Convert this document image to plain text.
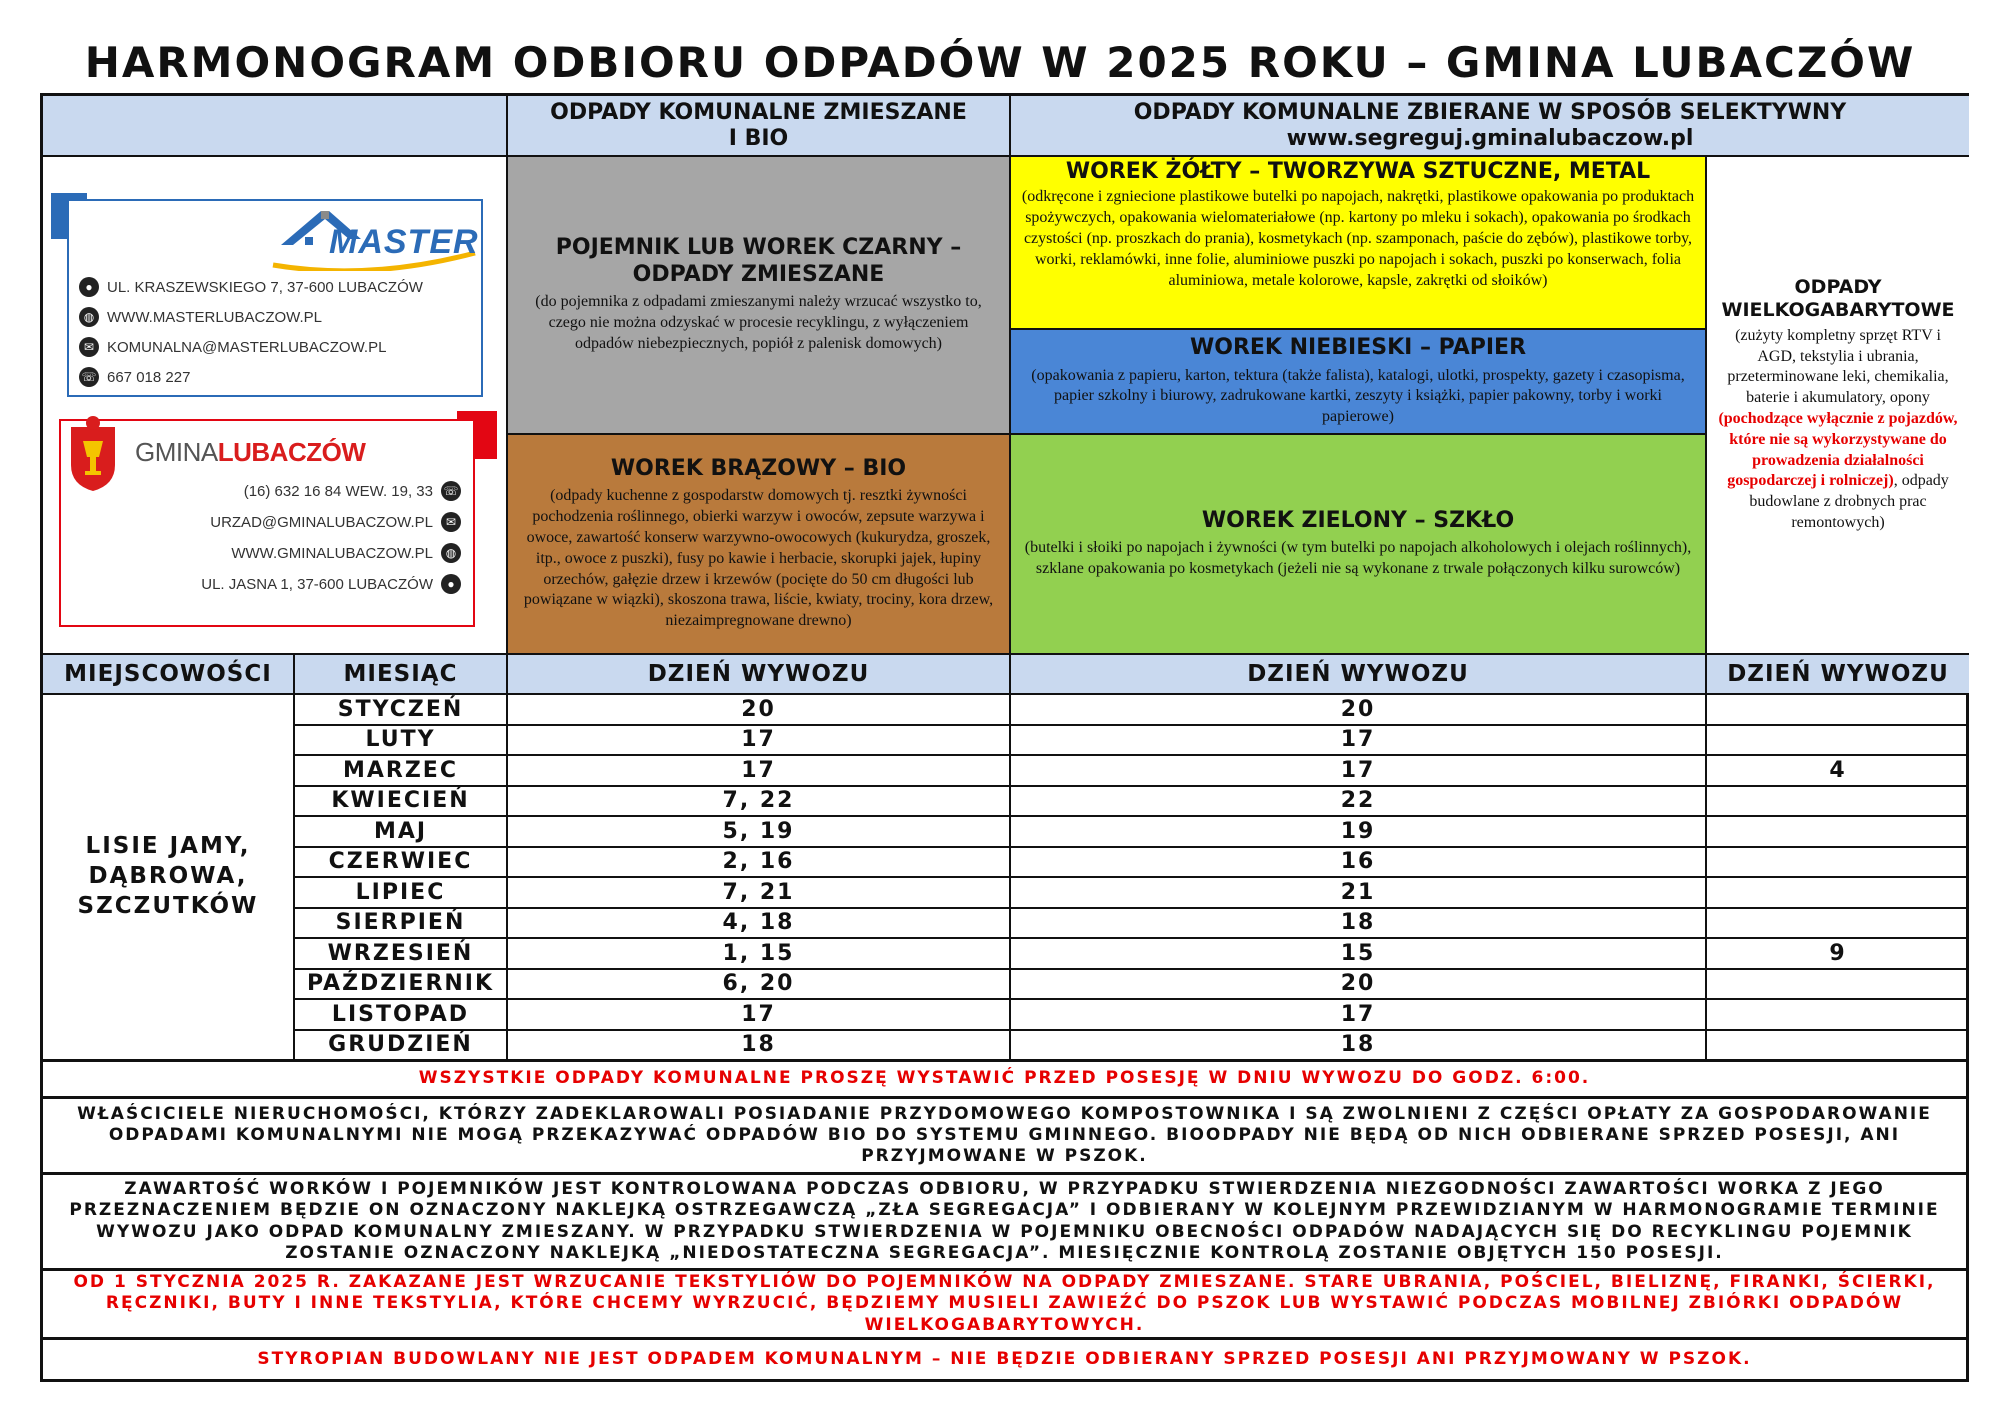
HARMONOGRAM ODBIORU ODPADÓW W 2025 ROKU – GMINA LUBACZÓW
ODPADY KOMUNALNE ZMIESZANE
I BIO
ODPADY KOMUNALNE ZBIERANE W SPOSÓB SELEKTYWNY
www.segreguj.gminalubaczow.pl
MASTER
● UL. KRASZEWSKIEGO 7, 37-600 LUBACZÓW
◍ WWW.MASTERLUBACZOW.PL
✉ KOMUNALNA@MASTERLUBACZOW.PL
☏ 667 018 227
GMINALUBACZÓW
(16) 632 16 84 WEW. 19, 33 ☏
URZAD@GMINALUBACZOW.PL	✉
WWW.GMINALUBACZOW.PL	◍
UL. JASNA 1, 37-600 LUBACZÓW	●
POJEMNIK LUB WOREK CZARNY – ODPADY ZMIESZANE
(do pojemnika z odpadami zmieszanymi należy wrzucać wszystko to, czego nie można odzyskać w procesie recyklingu, z wyłączeniem odpadów niebezpiecznych, popiół z palenisk domowych)
WOREK BRĄZOWY – BIO
(odpady kuchenne z gospodarstw domowych tj. resztki żywności pochodzenia roślinnego, obierki warzyw i owoców, zepsute warzywa i owoce, zawartość konserw warzywno-owocowych (kukurydza, groszek, itp., owoce z puszki), fusy po kawie i herbacie, skorupki jajek, łupiny orzechów, gałęzie drzew i krzewów (pocięte do 50 cm długości lub powiązane w wiązki), skoszona trawa, liście, kwiaty, trociny, kora drzew, niezaimpregnowane drewno)
WOREK ŻÓŁTY – TWORZYWA SZTUCZNE, METAL
(odkręcone i zgniecione plastikowe butelki po napojach, nakrętki, plastikowe opakowania po produktach spożywczych, opakowania wielomateriałowe (np. kartony po mleku i sokach), opakowania po środkach czystości (np. proszkach do prania), kosmetykach (np. szamponach, paście do zębów), plastikowe torby, worki, reklamówki, inne folie, aluminiowe puszki po napojach i sokach, puszki po konserwach, folia aluminiowa, metale kolorowe, kapsle, zakrętki od słoików)
WOREK NIEBIESKI – PAPIER
(opakowania z papieru, karton, tektura (także falista), katalogi, ulotki, prospekty, gazety i czasopisma, papier szkolny i biurowy, zadrukowane kartki, zeszyty i książki, papier pakowny, torby i worki papierowe)
WOREK ZIELONY – SZKŁO
(butelki i słoiki po napojach i żywności (w tym butelki po napojach alkoholowych i olejach roślinnych), szklane opakowania po kosmetykach (jeżeli nie są wykonane z trwale połączonych kilku surowców)
ODPADY WIELKOGABARYTOWE
(zużyty kompletny sprzęt RTV i AGD, tekstylia i ubrania, przeterminowane leki, chemikalia, baterie i akumulatory, opony (pochodzące wyłącznie z pojazdów, które nie są wykorzystywane do prowadzenia działalności gospodarczej i rolniczej), odpady budowlane z drobnych prac remontowych)
MIEJSCOWOŚCI	MIESIĄC	DZIEŃ WYWOZU	DZIEŃ WYWOZU	DZIEŃ WYWOZU
LISIE JAMY, DĄBROWA, SZCZUTKÓW
STYCZEŃ	20	20
LUTY	17	17
MARZEC	17	17	4
KWIECIEŃ	7, 22	22
MAJ	5, 19	19
CZERWIEC	2, 16	16
LIPIEC	7, 21	21
SIERPIEŃ	4, 18	18
WRZESIEŃ	1, 15	15	9
PAŹDZIERNIK	6, 20	20
LISTOPAD	17	17
GRUDZIEŃ	18	18
WSZYSTKIE ODPADY KOMUNALNE PROSZĘ WYSTAWIĆ PRZED POSESJĘ W DNIU WYWOZU DO GODZ. 6:00.
WŁAŚCICIELE NIERUCHOMOŚCI, KTÓRZY ZADEKLAROWALI POSIADANIE PRZYDOMOWEGO KOMPOSTOWNIKA I SĄ ZWOLNIENI Z CZĘŚCI OPŁATY ZA GOSPODAROWANIE ODPADAMI KOMUNALNYMI NIE MOGĄ PRZEKAZYWAĆ ODPADÓW BIO DO SYSTEMU GMINNEGO. BIOODPADY NIE BĘDĄ OD NICH ODBIERANE SPRZED POSESJI, ANI PRZYJMOWANE W PSZOK.
ZAWARTOŚĆ WORKÓW I POJEMNIKÓW JEST KONTROLOWANA PODCZAS ODBIORU, W PRZYPADKU STWIERDZENIA NIEZGODNOŚCI ZAWARTOŚCI WORKA Z JEGO PRZEZNACZENIEM BĘDZIE ON OZNACZONY NAKLEJKĄ OSTRZEGAWCZĄ „ZŁA SEGREGACJA” I ODBIERANY W KOLEJNYM PRZEWIDZIANYM W HARMONOGRAMIE TERMINIE WYWOZU JAKO ODPAD KOMUNALNY ZMIESZANY. W PRZYPADKU STWIERDZENIA W POJEMNIKU OBECNOŚCI ODPADÓW NADAJĄCYCH SIĘ DO RECYKLINGU POJEMNIK ZOSTANIE OZNACZONY NAKLEJKĄ „NIEDOSTATECZNA SEGREGACJA”. MIESIĘCZNIE KONTROLĄ ZOSTANIE OBJĘTYCH 150 POSESJI.
OD 1 STYCZNIA 2025 R. ZAKAZANE JEST WRZUCANIE TEKSTYLIÓW DO POJEMNIKÓW NA ODPADY ZMIESZANE. STARE UBRANIA, POŚCIEL, BIELIZNĘ, FIRANKI, ŚCIERKI, RĘCZNIKI, BUTY I INNE TEKSTYLIA, KTÓRE CHCEMY WYRZUCIĆ, BĘDZIEMY MUSIELI ZAWIEŹĆ DO PSZOK LUB WYSTAWIĆ PODCZAS MOBILNEJ ZBIÓRKI ODPADÓW WIELKOGABARYTOWYCH.
STYROPIAN BUDOWLANY NIE JEST ODPADEM KOMUNALNYM – NIE BĘDZIE ODBIERANY SPRZED POSESJI ANI PRZYJMOWANY W PSZOK.
